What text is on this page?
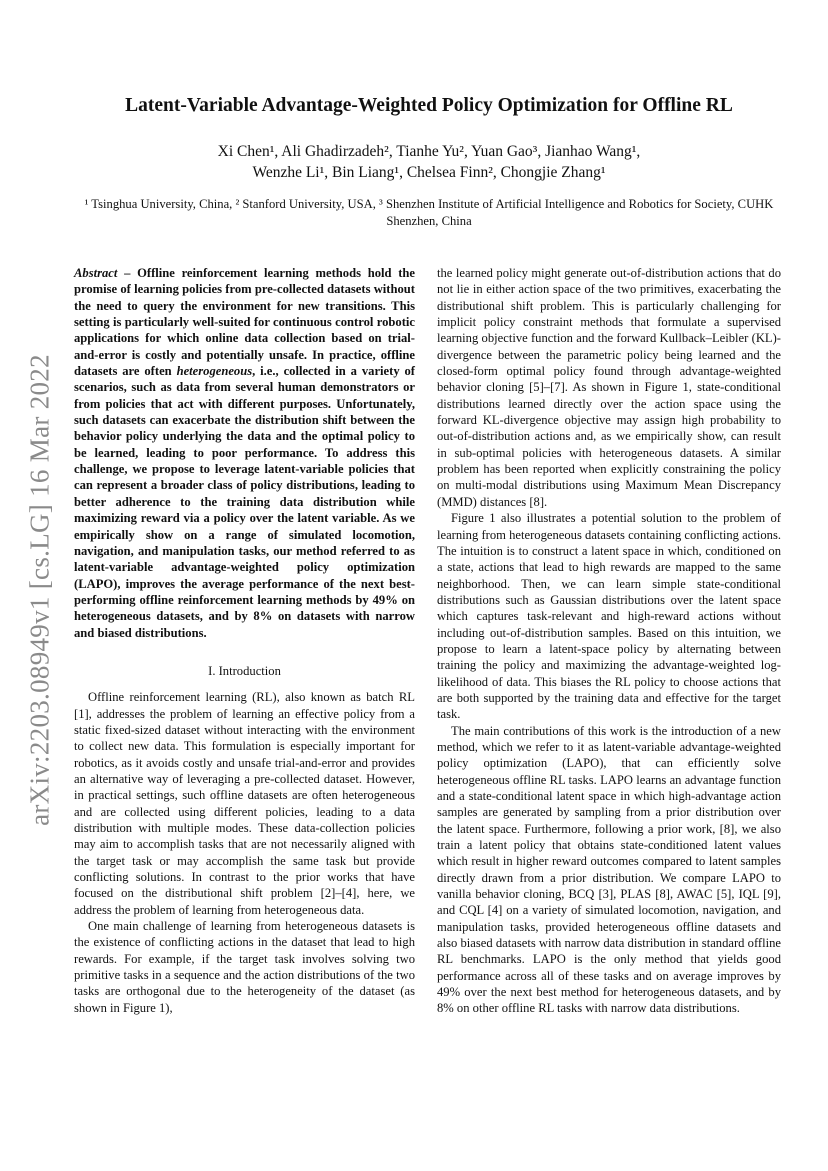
arXiv:2203.08949v1 [cs.LG] 16 Mar 2022
Latent-Variable Advantage-Weighted Policy Optimization for Offline RL
Xi Chen¹, Ali Ghadirzadeh², Tianhe Yu², Yuan Gao³, Jianhao Wang¹,
Wenzhe Li¹, Bin Liang¹, Chelsea Finn², Chongjie Zhang¹
¹ Tsinghua University, China, ² Stanford University, USA, ³ Shenzhen Institute of Artificial Intelligence and Robotics for Society, CUHK Shenzhen, China

Abstract – Offline reinforcement learning methods hold the promise of learning policies from pre-collected datasets without the need to query the environment for new transitions. This setting is particularly well-suited for continuous control robotic applications for which online data collection based on trial-and-error is costly and potentially unsafe. In practice, offline datasets are often heterogeneous, i.e., collected in a variety of scenarios, such as data from several human demonstrators or from policies that act with different purposes. Unfortunately, such datasets can exacerbate the distribution shift between the behavior policy underlying the data and the optimal policy to be learned, leading to poor performance. To address this challenge, we propose to leverage latent-variable policies that can represent a broader class of policy distributions, leading to better adherence to the training data distribution while maximizing reward via a policy over the latent variable. As we empirically show on a range of simulated locomotion, navigation, and manipulation tasks, our method referred to as latent-variable advantage-weighted policy optimization (LAPO), improves the average performance of the next best-performing offline reinforcement learning methods by 49% on heterogeneous datasets, and by 8% on datasets with narrow and biased distributions.

I. Introduction

Offline reinforcement learning (RL), also known as batch RL [1], addresses the problem of learning an effective policy from a static fixed-sized dataset without interacting with the environment to collect new data. This formulation is especially important for robotics, as it avoids costly and unsafe trial-and-error and provides an alternative way of leveraging a pre-collected dataset. However, in practical settings, such offline datasets are often heterogeneous and are collected using different policies, leading to a data distribution with multiple modes. These data-collection policies may aim to accomplish tasks that are not necessarily aligned with the target task or may accomplish the same task but provide conflicting solutions. In contrast to the prior works that have focused on the distributional shift problem [2]–[4], here, we address the problem of learning from heterogeneous data.

One main challenge of learning from heterogeneous datasets is the existence of conflicting actions in the dataset that lead to high rewards. For example, if the target task involves solving two primitive tasks in a sequence and the action distributions of the two tasks are orthogonal due to the heterogeneity of the dataset (as shown in Figure 1),

the learned policy might generate out-of-distribution actions that do not lie in either action space of the two primitives, exacerbating the distributional shift problem. This is particularly challenging for implicit policy constraint methods that formulate a supervised learning objective function and the forward Kullback–Leibler (KL)-divergence between the parametric policy being learned and the closed-form optimal policy found through advantage-weighted behavior cloning [5]–[7]. As shown in Figure 1, state-conditional distributions learned directly over the action space using the forward KL-divergence objective may assign high probability to out-of-distribution actions and, as we empirically show, can result in sub-optimal policies with heterogeneous datasets. A similar problem has been reported when explicitly constraining the policy on multi-modal distributions using Maximum Mean Discrepancy (MMD) distances [8].

Figure 1 also illustrates a potential solution to the problem of learning from heterogeneous datasets containing conflicting actions. The intuition is to construct a latent space in which, conditioned on a state, actions that lead to high rewards are mapped to the same neighborhood. Then, we can learn simple state-conditional distributions such as Gaussian distributions over the latent space which captures task-relevant and high-reward actions without including out-of-distribution samples. Based on this intuition, we propose to learn a latent-space policy by alternating between training the policy and maximizing the advantage-weighted log-likelihood of data. This biases the RL policy to choose actions that are both supported by the training data and effective for the target task.

The main contributions of this work is the introduction of a new method, which we refer to it as latent-variable advantage-weighted policy optimization (LAPO), that can efficiently solve heterogeneous offline RL tasks. LAPO learns an advantage function and a state-conditional latent space in which high-advantage action samples are generated by sampling from a prior distribution over the latent space. Furthermore, following a prior work, [8], we also train a latent policy that obtains state-conditioned latent values which result in higher reward outcomes compared to latent samples directly drawn from a prior distribution. We compare LAPO to vanilla behavior cloning, BCQ [3], PLAS [8], AWAC [5], IQL [9], and CQL [4] on a variety of simulated locomotion, navigation, and manipulation tasks, provided heterogeneous offline datasets and also biased datasets with narrow data distribution in standard offline RL benchmarks. LAPO is the only method that yields good performance across all of these tasks and on average improves by 49% over the next best method for heterogeneous datasets, and by 8% on other offline RL tasks with narrow data distributions.
